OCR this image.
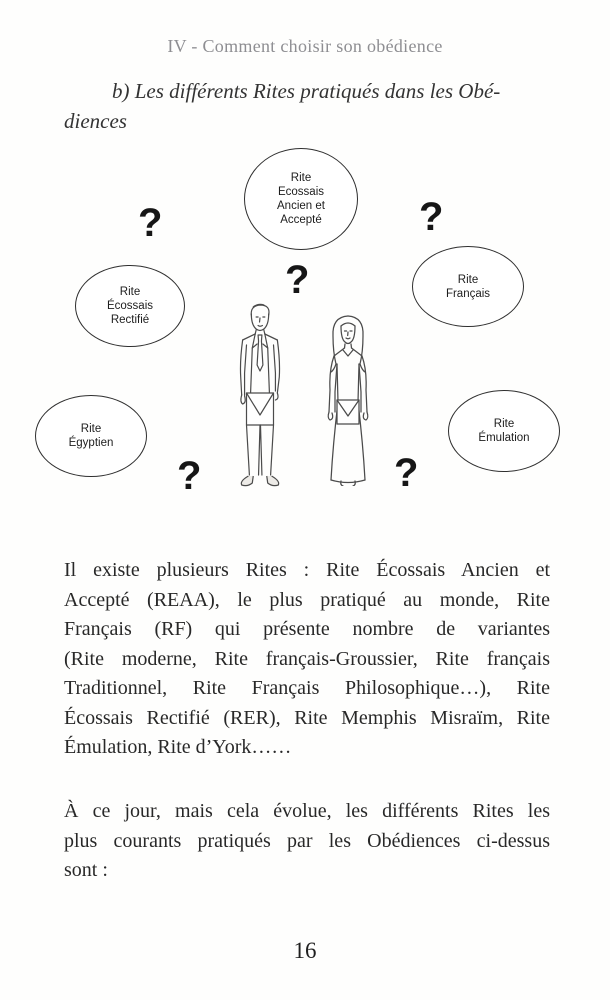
IV - Comment choisir son obédience
b) Les différents Rites pratiqués dans les Obé-
diences
Rite
Ecossais
Ancien et
Accepté
Rite
Écossais
Rectifié
Rite
Français
Rite
Égyptien
Rite
Émulation
?	?
?
?	?
Il existe plusieurs Rites : Rite Écossais Ancien et
Accepté (REAA), le plus pratiqué au monde, Rite
Français (RF) qui présente nombre de variantes
(Rite moderne, Rite français-Groussier, Rite français
Traditionnel, Rite Français Philosophique…), Rite
Écossais Rectifié (RER), Rite Memphis Misraïm, Rite
Émulation, Rite d’York……
À ce jour, mais cela évolue, les différents Rites les
plus courants pratiqués par les Obédiences ci-dessus
sont :
16
